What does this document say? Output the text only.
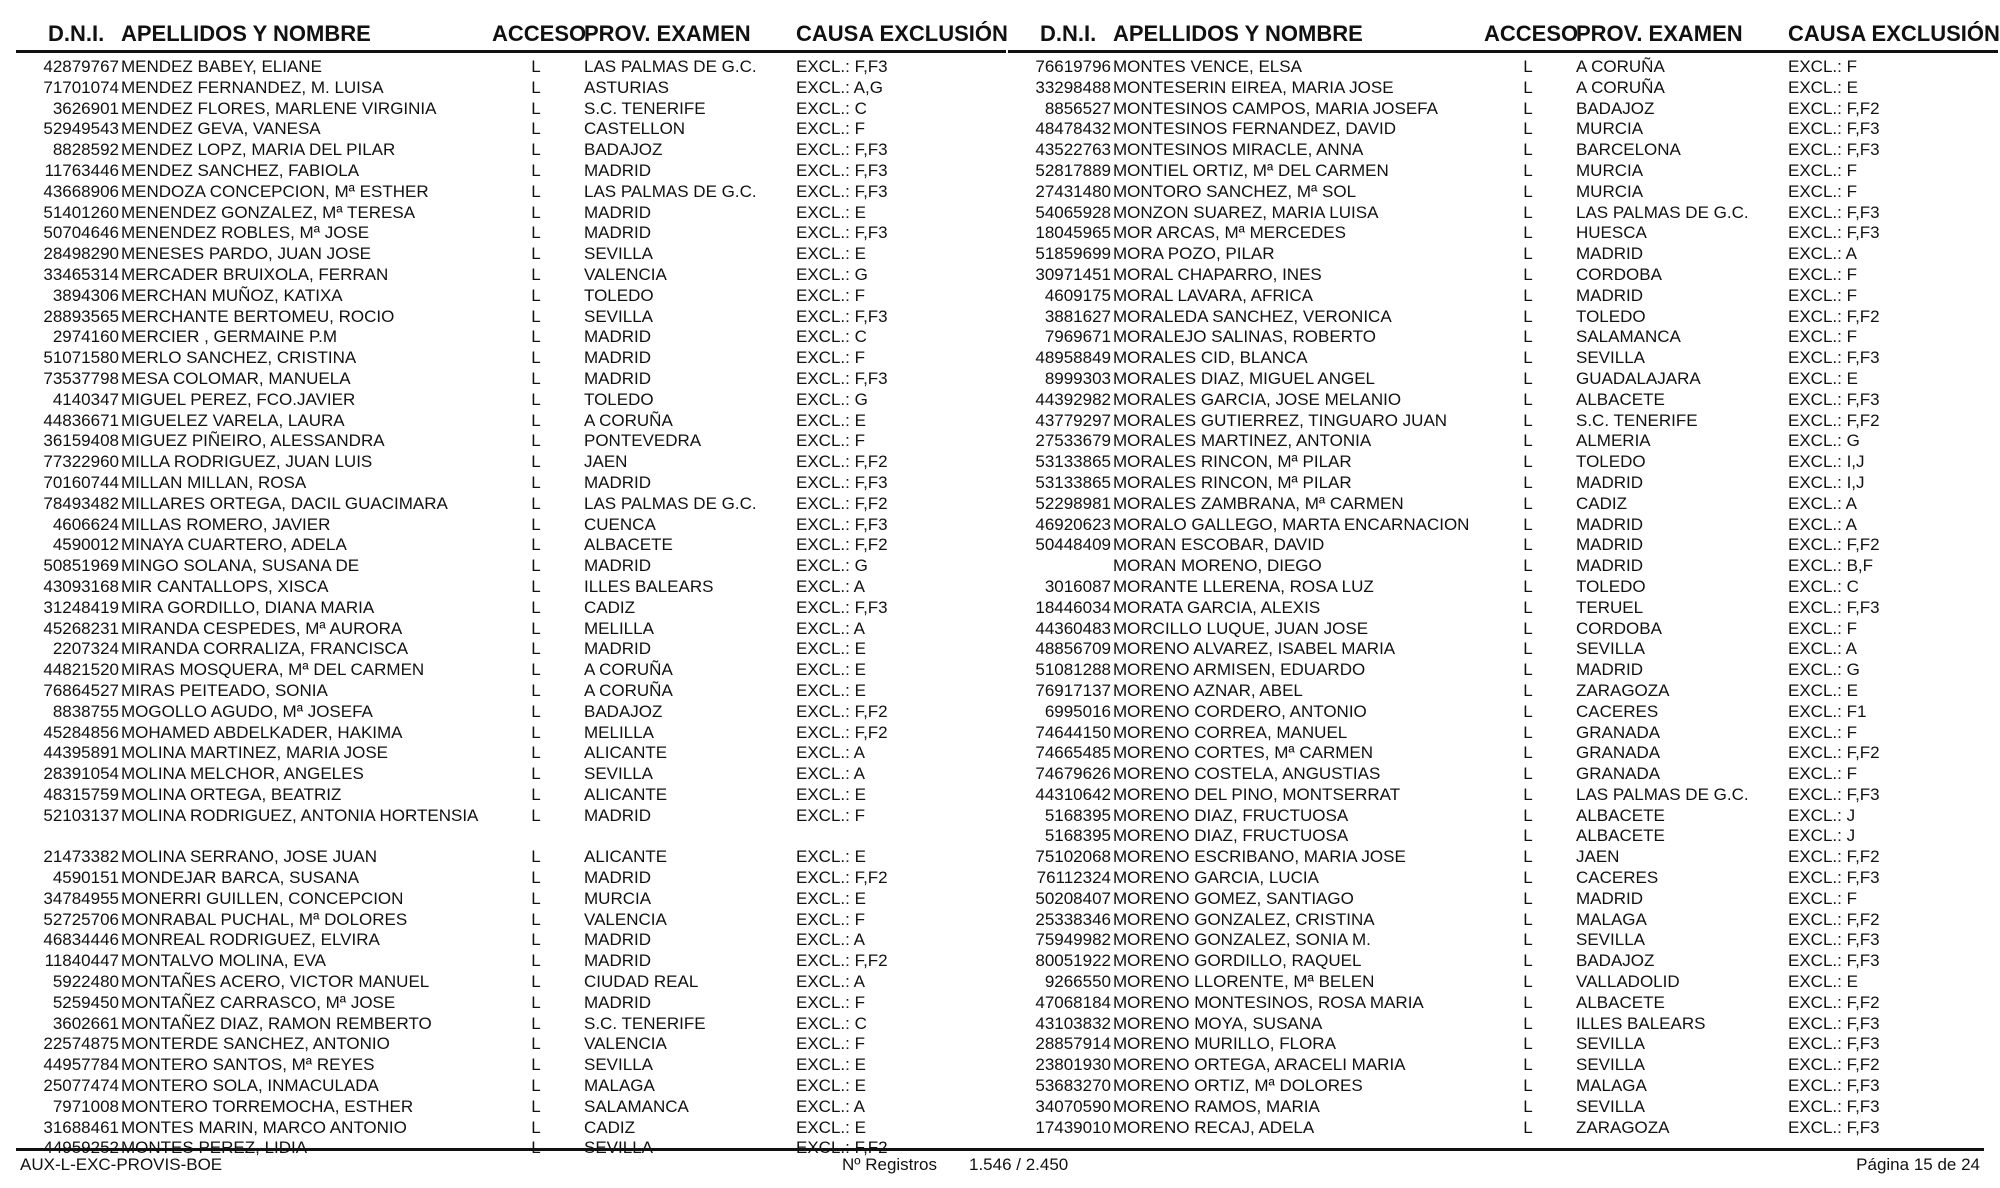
D.N.I. APELLIDOS Y NOMBRE	ACCESO
PROV. EXAMEN CAUSA EXCLUSIÓN
42879767 MENDEZ BABEY, ELIANE	L	LAS PALMAS DE G.C. EXCL.: F,F3
71701074 MENDEZ FERNANDEZ, M. LUISA	L	ASTURIAS	EXCL.: A,G
3626901 MENDEZ FLORES, MARLENE VIRGINIA	L	S.C. TENERIFE	EXCL.: C
52949543 MENDEZ GEVA, VANESA	L	CASTELLON	EXCL.: F
8828592 MENDEZ LOPZ, MARIA DEL PILAR	L	BADAJOZ	EXCL.: F,F3
11763446 MENDEZ SANCHEZ, FABIOLA	L	MADRID	EXCL.: F,F3
43668906 MENDOZA CONCEPCION, Mª ESTHER	L	LAS PALMAS DE G.C. EXCL.: F,F3
51401260 MENENDEZ GONZALEZ, Mª TERESA	L	MADRID	EXCL.: E
50704646 MENENDEZ ROBLES, Mª JOSE	L	MADRID	EXCL.: F,F3
28498290 MENESES PARDO, JUAN JOSE	L	SEVILLA	EXCL.: E
33465314 MERCADER BRUIXOLA, FERRAN	L	VALENCIA	EXCL.: G
3894306 MERCHAN MUÑOZ, KATIXA	L	TOLEDO	EXCL.: F
28893565 MERCHANTE BERTOMEU, ROCIO	L	SEVILLA	EXCL.: F,F3
2974160 MERCIER , GERMAINE P.M	L	MADRID	EXCL.: C
51071580 MERLO SANCHEZ, CRISTINA	L	MADRID	EXCL.: F
73537798 MESA COLOMAR, MANUELA	L	MADRID	EXCL.: F,F3
4140347 MIGUEL PEREZ, FCO.JAVIER	L	TOLEDO	EXCL.: G
44836671 MIGUELEZ VARELA, LAURA	L	A CORUÑA	EXCL.: E
36159408 MIGUEZ PIÑEIRO, ALESSANDRA	L	PONTEVEDRA	EXCL.: F
77322960 MILLA RODRIGUEZ, JUAN LUIS	L	JAEN	EXCL.: F,F2
70160744 MILLAN MILLAN, ROSA	L	MADRID	EXCL.: F,F3
78493482 MILLARES ORTEGA, DACIL GUACIMARA	L	LAS PALMAS DE G.C. EXCL.: F,F2
4606624 MILLAS ROMERO, JAVIER	L	CUENCA	EXCL.: F,F3
4590012 MINAYA CUARTERO, ADELA	L	ALBACETE	EXCL.: F,F2
50851969 MINGO SOLANA, SUSANA DE	L	MADRID	EXCL.: G
43093168 MIR CANTALLOPS, XISCA	L	ILLES BALEARS	EXCL.: A
31248419 MIRA GORDILLO, DIANA MARIA	L	CADIZ	EXCL.: F,F3
45268231 MIRANDA CESPEDES, Mª AURORA	L	MELILLA	EXCL.: A
2207324 MIRANDA CORRALIZA, FRANCISCA	L	MADRID	EXCL.: E
44821520 MIRAS MOSQUERA, Mª DEL CARMEN	L	A CORUÑA	EXCL.: E
76864527 MIRAS PEITEADO, SONIA	L	A CORUÑA	EXCL.: E
8838755 MOGOLLO AGUDO, Mª JOSEFA	L	BADAJOZ	EXCL.: F,F2
45284856 MOHAMED ABDELKADER, HAKIMA	L	MELILLA	EXCL.: F,F2
44395891 MOLINA MARTINEZ, MARIA JOSE	L	ALICANTE	EXCL.: A
28391054 MOLINA MELCHOR, ANGELES	L	SEVILLA	EXCL.: A
48315759 MOLINA ORTEGA, BEATRIZ	L	ALICANTE	EXCL.: E
52103137 MOLINA RODRIGUEZ, ANTONIA HORTENSIA	L	MADRID	EXCL.: F
21473382 MOLINA SERRANO, JOSE JUAN	L	ALICANTE	EXCL.: E
4590151 MONDEJAR BARCA, SUSANA	L	MADRID	EXCL.: F,F2
34784955 MONERRI GUILLEN, CONCEPCION	L	MURCIA	EXCL.: E
52725706 MONRABAL PUCHAL, Mª DOLORES	L	VALENCIA	EXCL.: F
46834446 MONREAL RODRIGUEZ, ELVIRA	L	MADRID	EXCL.: A
11840447 MONTALVO MOLINA, EVA	L	MADRID	EXCL.: F,F2
5922480 MONTAÑES ACERO, VICTOR MANUEL	L	CIUDAD REAL	EXCL.: A
5259450 MONTAÑEZ CARRASCO, Mª JOSE	L	MADRID	EXCL.: F
3602661 MONTAÑEZ DIAZ, RAMON REMBERTO	L	S.C. TENERIFE	EXCL.: C
22574875 MONTERDE SANCHEZ, ANTONIO	L	VALENCIA	EXCL.: F
44957784 MONTERO SANTOS, Mª REYES	L	SEVILLA	EXCL.: E
25077474 MONTERO SOLA, INMACULADA	L	MALAGA	EXCL.: E
7971008 MONTERO TORREMOCHA, ESTHER	L	SALAMANCA	EXCL.: A
31688461 MONTES MARIN, MARCO ANTONIO	L	CADIZ	EXCL.: E
44959252 MONTES PEREZ, LIDIA	L	SEVILLA	EXCL.: F,F2
D.N.I. APELLIDOS Y NOMBRE	ACCESO
PROV. EXAMEN CAUSA EXCLUSIÓN
76619796 MONTES VENCE, ELSA	L	A CORUÑA	EXCL.: F
33298488 MONTESERIN EIREA, MARIA JOSE	L	A CORUÑA	EXCL.: E
8856527 MONTESINOS CAMPOS, MARIA JOSEFA	L	BADAJOZ	EXCL.: F,F2
48478432 MONTESINOS FERNANDEZ, DAVID	L	MURCIA	EXCL.: F,F3
43522763 MONTESINOS MIRACLE, ANNA	L	BARCELONA	EXCL.: F,F3
52817889 MONTIEL ORTIZ, Mª DEL CARMEN	L	MURCIA	EXCL.: F
27431480 MONTORO SANCHEZ, Mª SOL	L	MURCIA	EXCL.: F
54065928 MONZON SUAREZ, MARIA LUISA	L	LAS PALMAS DE G.C. EXCL.: F,F3
18045965 MOR ARCAS, Mª MERCEDES	L	HUESCA	EXCL.: F,F3
51859699 MORA POZO, PILAR	L	MADRID	EXCL.: A
30971451 MORAL CHAPARRO, INES	L	CORDOBA	EXCL.: F
4609175 MORAL LAVARA, AFRICA	L	MADRID	EXCL.: F
3881627 MORALEDA SANCHEZ, VERONICA	L	TOLEDO	EXCL.: F,F2
7969671 MORALEJO SALINAS, ROBERTO	L	SALAMANCA	EXCL.: F
48958849 MORALES CID, BLANCA	L	SEVILLA	EXCL.: F,F3
8999303 MORALES DIAZ, MIGUEL ANGEL	L	GUADALAJARA	EXCL.: E
44392982 MORALES GARCIA, JOSE MELANIO	L	ALBACETE	EXCL.: F,F3
43779297 MORALES GUTIERREZ, TINGUARO JUAN	L	S.C. TENERIFE	EXCL.: F,F2
27533679 MORALES MARTINEZ, ANTONIA	L	ALMERIA	EXCL.: G
53133865 MORALES RINCON, Mª PILAR	L	TOLEDO	EXCL.: I,J
53133865 MORALES RINCON, Mª PILAR	L	MADRID	EXCL.: I,J
52298981 MORALES ZAMBRANA, Mª CARMEN	L	CADIZ	EXCL.: A
46920623 MORALO GALLEGO, MARTA ENCARNACION	L	MADRID	EXCL.: A
50448409 MORAN ESCOBAR, DAVID	L	MADRID	EXCL.: F,F2
MORAN MORENO, DIEGO	L	MADRID	EXCL.: B,F
3016087 MORANTE LLERENA, ROSA LUZ	L	TOLEDO	EXCL.: C
18446034 MORATA GARCIA, ALEXIS	L	TERUEL	EXCL.: F,F3
44360483 MORCILLO LUQUE, JUAN JOSE	L	CORDOBA	EXCL.: F
48856709 MORENO ALVAREZ, ISABEL MARIA	L	SEVILLA	EXCL.: A
51081288 MORENO ARMISEN, EDUARDO	L	MADRID	EXCL.: G
76917137 MORENO AZNAR, ABEL	L	ZARAGOZA	EXCL.: E
6995016 MORENO CORDERO, ANTONIO	L	CACERES	EXCL.: F1
74644150 MORENO CORREA, MANUEL	L	GRANADA	EXCL.: F
74665485 MORENO CORTES, Mª CARMEN	L	GRANADA	EXCL.: F,F2
74679626 MORENO COSTELA, ANGUSTIAS	L	GRANADA	EXCL.: F
44310642 MORENO DEL PINO, MONTSERRAT	L	LAS PALMAS DE G.C. EXCL.: F,F3
5168395 MORENO DIAZ, FRUCTUOSA	L	ALBACETE	EXCL.: J
5168395 MORENO DIAZ, FRUCTUOSA	L	ALBACETE	EXCL.: J
75102068 MORENO ESCRIBANO, MARIA JOSE	L	JAEN	EXCL.: F,F2
76112324 MORENO GARCIA, LUCIA	L	CACERES	EXCL.: F,F3
50208407 MORENO GOMEZ, SANTIAGO	L	MADRID	EXCL.: F
25338346 MORENO GONZALEZ, CRISTINA	L	MALAGA	EXCL.: F,F2
75949982 MORENO GONZALEZ, SONIA M.	L	SEVILLA	EXCL.: F,F3
80051922 MORENO GORDILLO, RAQUEL	L	BADAJOZ	EXCL.: F,F3
9266550 MORENO LLORENTE, Mª BELEN	L	VALLADOLID	EXCL.: E
47068184 MORENO MONTESINOS, ROSA MARIA	L	ALBACETE	EXCL.: F,F2
43103832 MORENO MOYA, SUSANA	L	ILLES BALEARS	EXCL.: F,F3
28857914 MORENO MURILLO, FLORA	L	SEVILLA	EXCL.: F,F3
23801930 MORENO ORTEGA, ARACELI MARIA	L	SEVILLA	EXCL.: F,F2
53683270 MORENO ORTIZ, Mª DOLORES	L	MALAGA	EXCL.: F,F3
34070590 MORENO RAMOS, MARIA	L	SEVILLA	EXCL.: F,F3
17439010 MORENO RECAJ, ADELA	L	ZARAGOZA	EXCL.: F,F3
AUX-L-EXC-PROVIS-BOE	Nº Registros 1.546 / 2.450	Página 15 de 24
